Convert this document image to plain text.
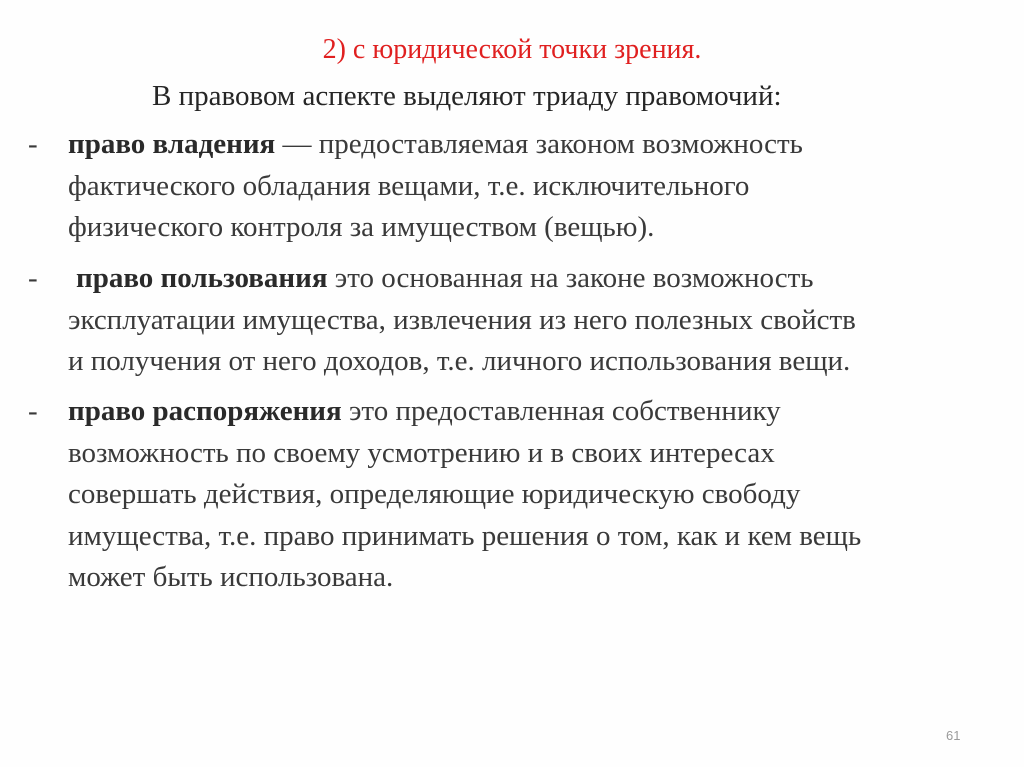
2) с юридической точки зрения.
В правовом аспекте выделяют триаду правомочий:
- право владения — предоставляемая законом возможность
фактического обладания вещами, т.е. исключительного
физического контроля за имуществом (вещью).
- право пользования это основанная на законе возможность
эксплуатации имущества, извлечения из него полезных свойств
и получения от него доходов, т.е. личного использования вещи.
- право распоряжения это предоставленная собственнику
возможность по своему усмотрению и в своих интересах
совершать действия, определяющие юридическую свободу
имущества, т.е. право принимать решения о том, как и кем вещь
может быть использована.
61
